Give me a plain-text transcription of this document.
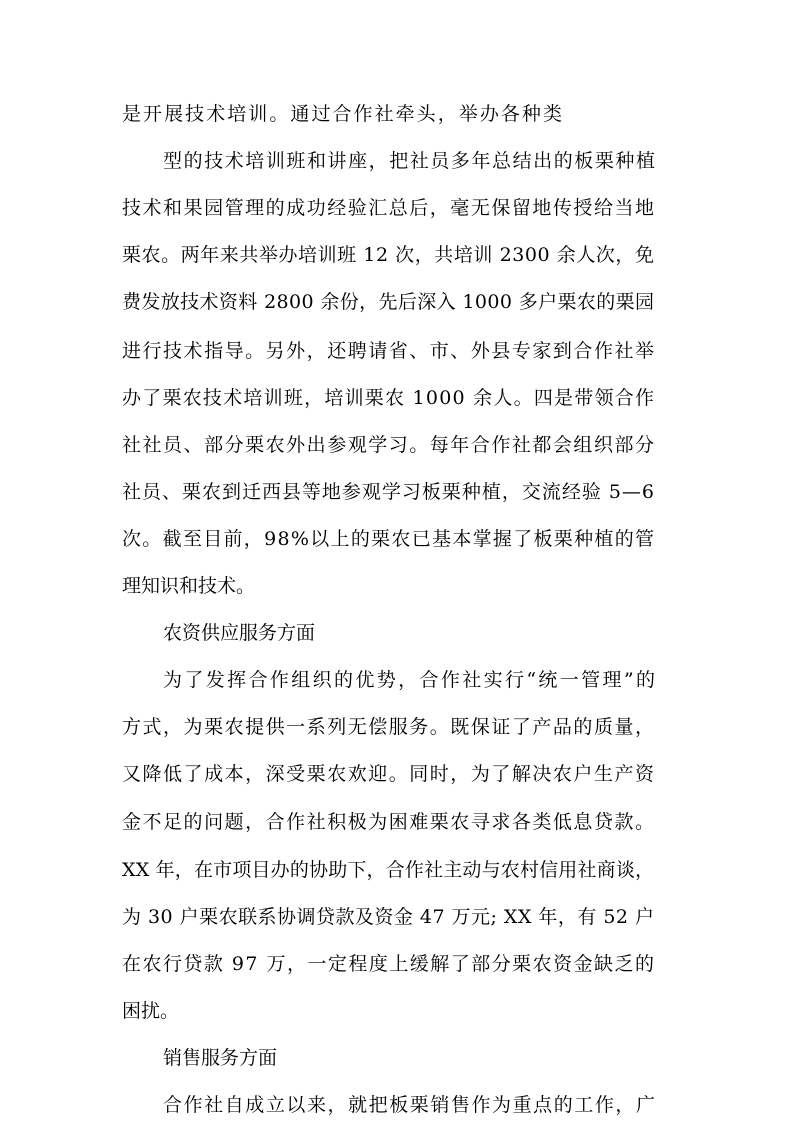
是开展技术培训。通过合作社牵头，举办各种类
型的技术培训班和讲座，把社员多年总结出的板栗种植
技术和果园管理的成功经验汇总后，毫无保留地传授给当地
栗农。两年来共举办培训班 12 次，共培训 2300 余人次，免
费发放技术资料 2800 余份，先后深入 1000 多户栗农的栗园
进行技术指导。另外，还聘请省、市、外县专家到合作社举
办了栗农技术培训班，培训栗农 1000 余人。四是带领合作
社社员、部分栗农外出参观学习。每年合作社都会组织部分
社员、栗农到迁西县等地参观学习板栗种植，交流经验 5—6
次。截至目前，98%以上的栗农已基本掌握了板栗种植的管
理知识和技术。
农资供应服务方面
为了发挥合作组织的优势，合作社实行“统一管理”的
方式，为栗农提供一系列无偿服务。既保证了产品的质量，
又降低了成本，深受栗农欢迎。同时，为了解决农户生产资
金不足的问题，合作社积极为困难栗农寻求各类低息贷款。
XX 年，在市项目办的协助下，合作社主动与农村信用社商谈，
为 30 户栗农联系协调贷款及资金 47 万元; XX 年，有 52 户
在农行贷款 97 万，一定程度上缓解了部分栗农资金缺乏的
困扰。
销售服务方面
合作社自成立以来，就把板栗销售作为重点的工作，广
